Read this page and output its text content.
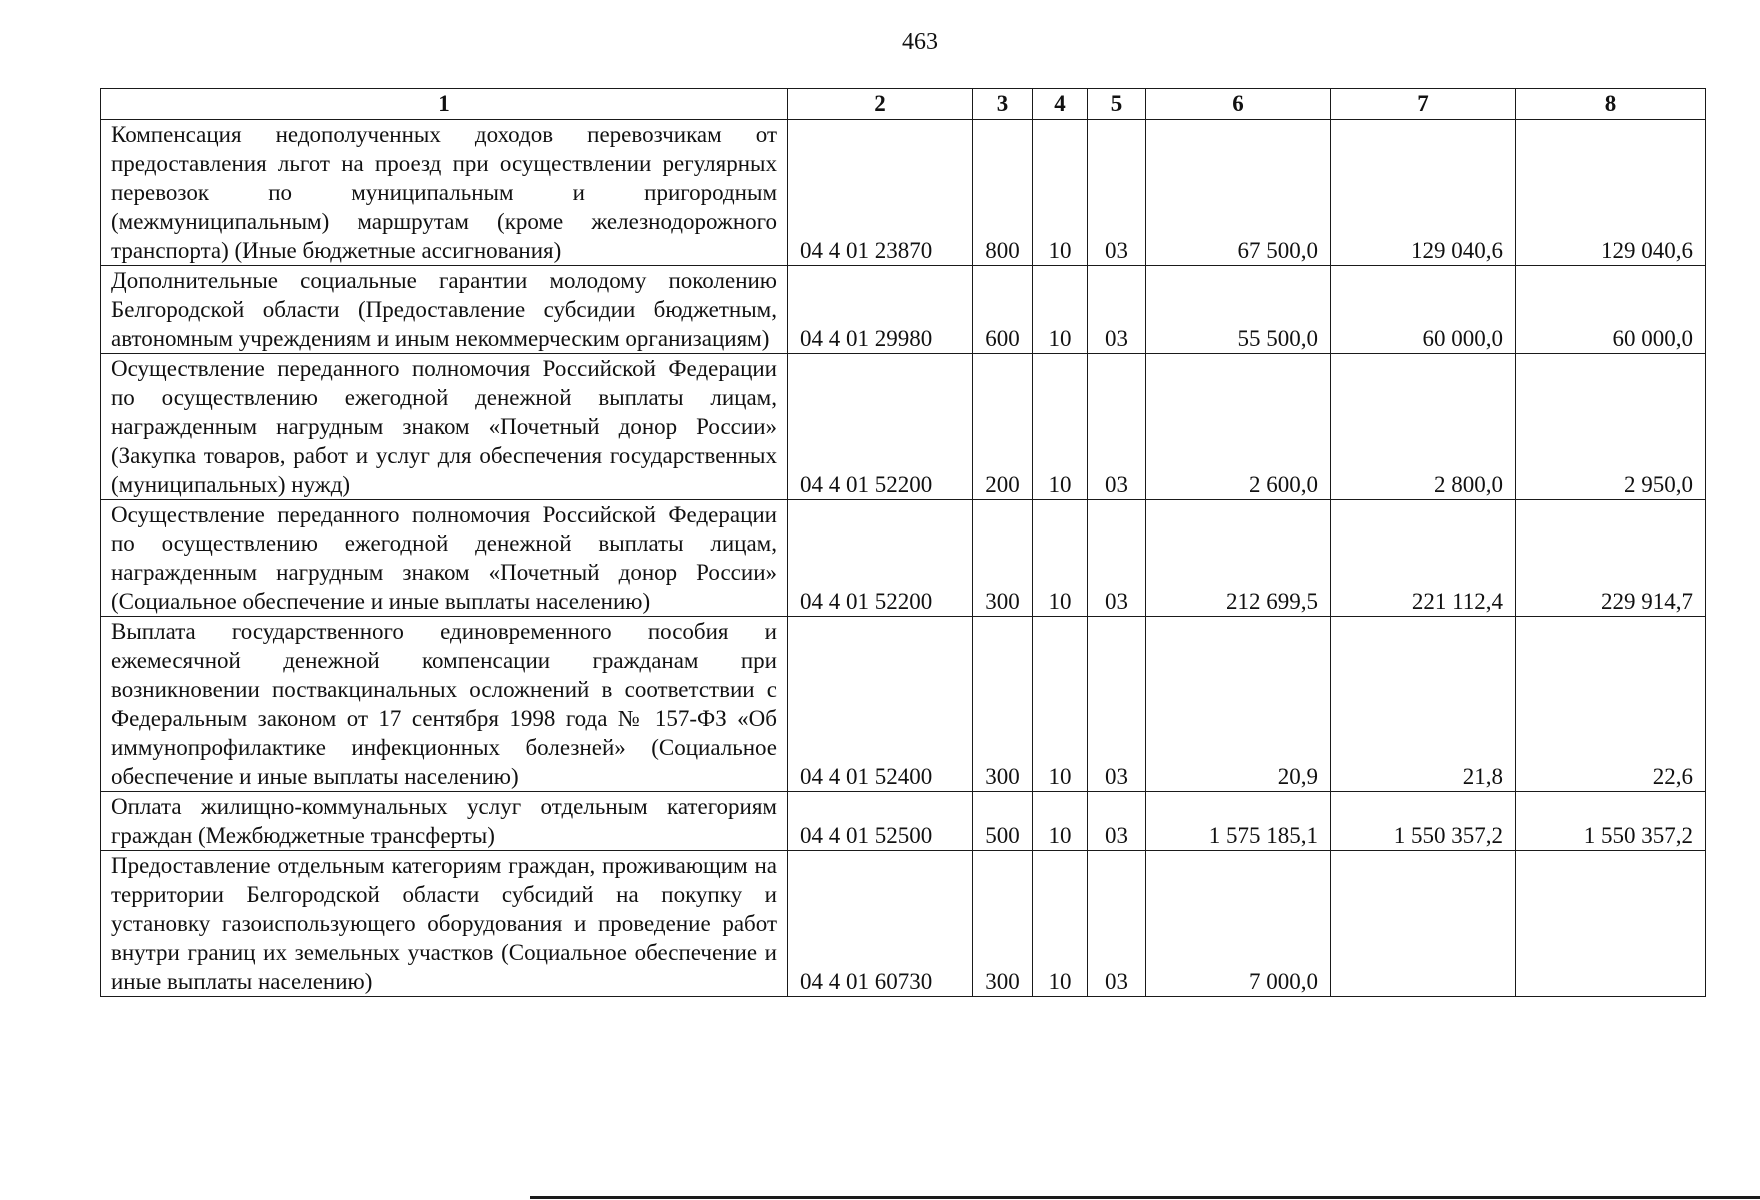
463
1	2	3	4	5	6	7	8
Компенсация недополученных доходов перевозчикам от предоставления льгот на проезд при осуществлении регулярных перевозок по муниципальным и пригородным (межмуниципальным) маршрутам (кроме железнодорожного транспорта) (Иные бюджетные ассигнования)	04 4 01 23870	800	10	03	67 500,0	129 040,6	129 040,6
Дополнительные социальные гарантии молодому поколению Белгородской области (Предоставление субсидии бюджетным, автономным учреждениям и иным некоммерческим организациям)	04 4 01 29980	600	10	03	55 500,0	60 000,0	60 000,0
Осуществление переданного полномочия Российской Федерации по осуществлению ежегодной денежной выплаты лицам, награжденным нагрудным знаком «Почетный донор России» (Закупка товаров, работ и услуг для обеспечения государственных (муниципальных) нужд)	04 4 01 52200	200	10	03	2 600,0	2 800,0	2 950,0
Осуществление переданного полномочия Российской Федерации по осуществлению ежегодной денежной выплаты лицам, награжденным нагрудным знаком «Почетный донор России» (Социальное обеспечение и иные выплаты населению)	04 4 01 52200	300	10	03	212 699,5	221 112,4	229 914,7
Выплата государственного единовременного пособия и ежемесячной денежной компенсации гражданам при возникновении поствакцинальных осложнений в соответствии с Федеральным законом от 17 сентября 1998 года № 157-ФЗ «Об иммунопрофилактике инфекционных болезней» (Социальное обеспечение и иные выплаты населению)	04 4 01 52400	300	10	03	20,9	21,8	22,6
Оплата жилищно-коммунальных услуг отдельным категориям граждан (Межбюджетные трансферты)	04 4 01 52500	500	10	03	1 575 185,1	1 550 357,2	1 550 357,2
Предоставление отдельным категориям граждан, проживающим на территории Белгородской области субсидий на покупку и установку газоиспользующего оборудования и проведение работ внутри границ их земельных участков (Социальное обеспечение и иные выплаты населению)	04 4 01 60730	300	10	03	7 000,0		
